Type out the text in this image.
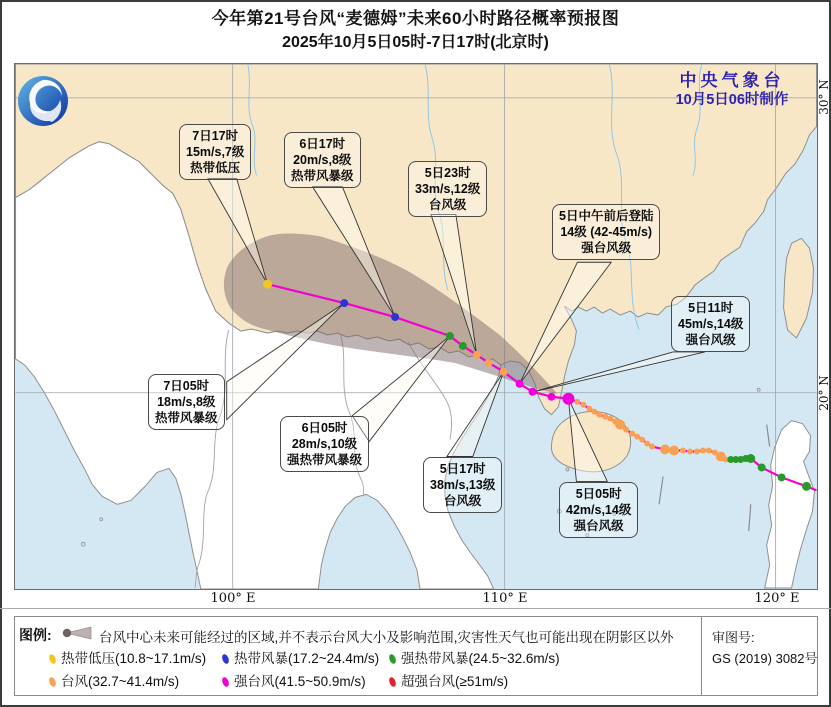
今年第21号台风“麦德姆”未来60小时路径概率预报图
2025年10月5日05时-7日17时(北京时)
中央气象台
10月5日06时制作
7日17时
15m/s,7级
热带低压
6日17时
20m/s,8级
热带风暴级	5日23时
33m/s,12级
台风级
5日中午前后登陆
14级 (42-45m/s)
强台风级
5日11时
45m/s,14级
强台风级
7日05时
18m/s,8级
热带风暴级
6日05时
28m/s,10级
强热带风暴级
5日17时
38m/s,13级
台风级	5日05时
42m/s,14级
强台风级
100° E	110° E	120° E
30° N
20° N
图例:	台风中心未来可能经过的区域,并不表示台风大小及影响范围,灾害性天气也可能出现在阴影区以外
热带低压(10.8~17.1m/s)	热带风暴(17.2~24.4m/s)	强热带风暴(24.5~32.6m/s)
台风(32.7~41.4m/s)	强台风(41.5~50.9m/s)	超强台风(≥51m/s)
审图号:
GS (2019) 3082号
